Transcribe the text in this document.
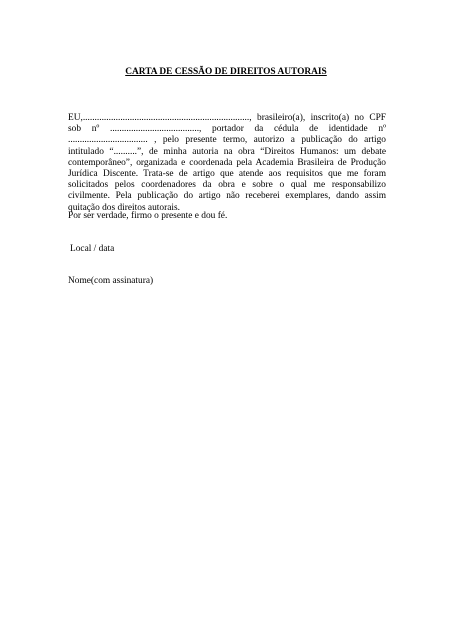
CARTA DE CESSÃO DE DIREITOS AUTORAIS

EU,......................................................................., brasileiro(a), inscrito(a) no CPF sob nº ......................................, portador da cédula de identidade nº .................................. , pelo presente termo, autorizo a publicação do artigo intitulado “..........”, de minha autoria na obra “Direitos Humanos: um debate contemporâneo”, organizada e coordenada pela Academia Brasileira de Produção Jurídica Discente. Trata-se de artigo que atende aos requisitos que me foram solicitados pelos coordenadores da obra e sobre o qual me responsabilizo civilmente. Pela publicação do artigo não receberei exemplares, dando assim quitação dos direitos autorais.

Por ser verdade, firmo o presente e dou fé.

Local / data

Nome(com assinatura)
